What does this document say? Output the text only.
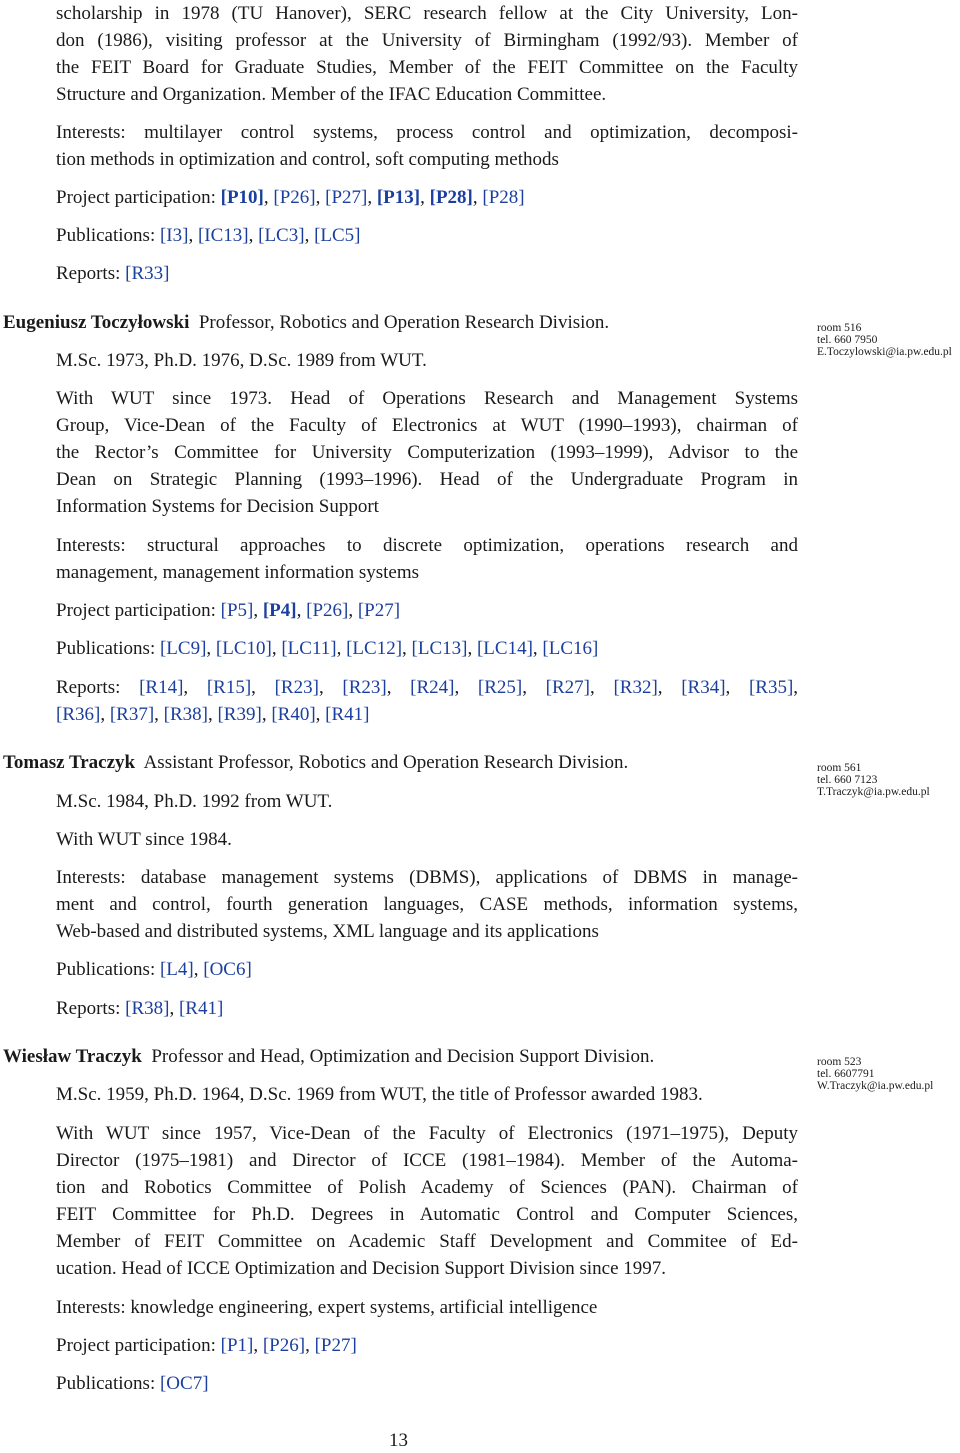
scholarship in 1978 (TU Hanover), SERC research fellow at the City University, Lon-
don (1986), visiting professor at the University of Birmingham (1992/93). Member of
the FEIT Board for Graduate Studies, Member of the FEIT Committee on the Faculty
Structure and Organization. Member of the IFAC Education Committee.
Interests: multilayer control systems, process control and optimization, decomposi-
tion methods in optimization and control, soft computing methods
Project participation: [P10], [P26], [P27], [P13], [P28], [P28]
Publications: [I3], [IC13], [LC3], [LC5]
Reports: [R33]
Eugeniusz Toczyłowski Professor, Robotics and Operation Research Division.	room 516
tel. 660 7950
E.Toczylowski@ia.pw.edu.pl
M.Sc. 1973, Ph.D. 1976, D.Sc. 1989 from WUT.
With WUT since 1973. Head of Operations Research and Management Systems
Group, Vice-Dean of the Faculty of Electronics at WUT (1990–1993), chairman of
the Rector’s Committee for University Computerization (1993–1999), Advisor to the
Dean on Strategic Planning (1993–1996). Head of the Undergraduate Program in
Information Systems for Decision Support
Interests: structural approaches to discrete optimization, operations research and
management, management information systems
Project participation: [P5], [P4], [P26], [P27]
Publications: [LC9], [LC10], [LC11], [LC12], [LC13], [LC14], [LC16]
Reports: [R14], [R15], [R23], [R23], [R24], [R25], [R27], [R32], [R34], [R35],
[R36], [R37], [R38], [R39], [R40], [R41]
Tomasz Traczyk Assistant Professor, Robotics and Operation Research Division.	room 561
tel. 660 7123
T.Traczyk@ia.pw.edu.pl
M.Sc. 1984, Ph.D. 1992 from WUT.
With WUT since 1984.
Interests: database management systems (DBMS), applications of DBMS in manage-
ment and control, fourth generation languages, CASE methods, information systems,
Web-based and distributed systems, XML language and its applications
Publications: [L4], [OC6]
Reports: [R38], [R41]
Wiesław Traczyk Professor and Head, Optimization and Decision Support Division.	room 523
tel. 6607791
W.Traczyk@ia.pw.edu.pl
M.Sc. 1959, Ph.D. 1964, D.Sc. 1969 from WUT, the title of Professor awarded 1983.
With WUT since 1957, Vice-Dean of the Faculty of Electronics (1971–1975), Deputy
Director (1975–1981) and Director of ICCE (1981–1984). Member of the Automa-
tion and Robotics Committee of Polish Academy of Sciences (PAN). Chairman of
FEIT Committee for Ph.D. Degrees in Automatic Control and Computer Sciences,
Member of FEIT Committee on Academic Staff Development and Commitee of Ed-
ucation. Head of ICCE Optimization and Decision Support Division since 1997.
Interests: knowledge engineering, expert systems, artificial intelligence
Project participation: [P1], [P26], [P27]
Publications: [OC7]
13
